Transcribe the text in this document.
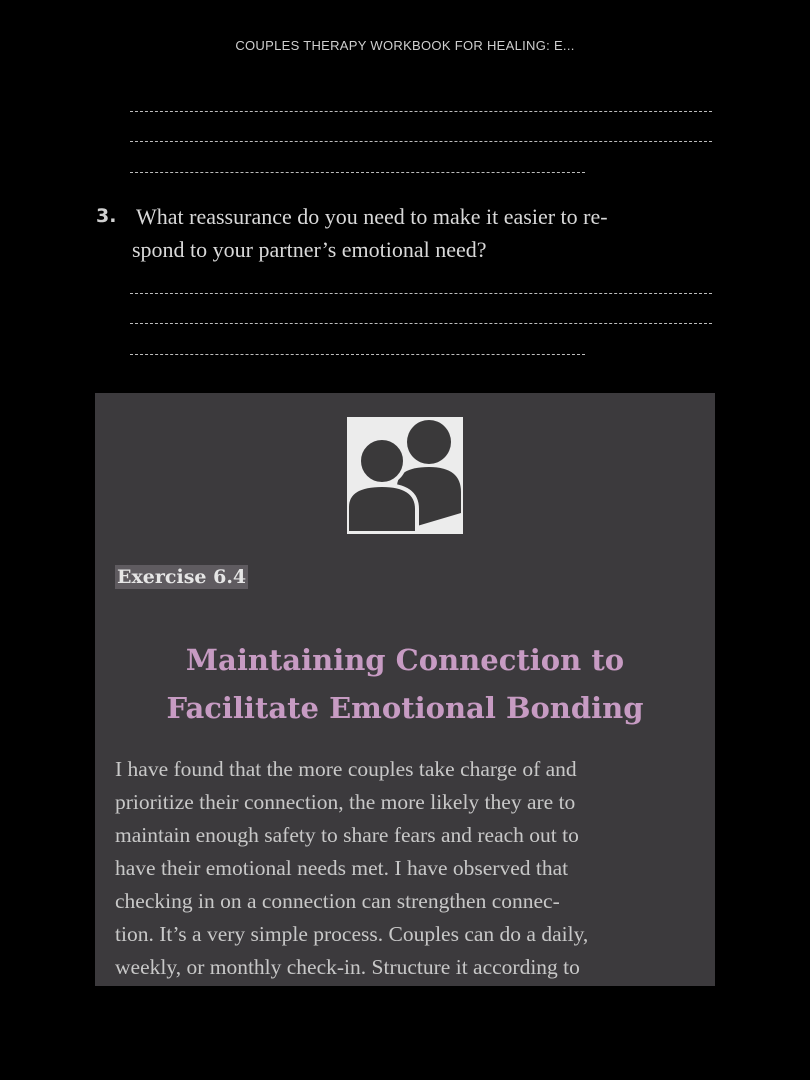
COUPLES THERAPY WORKBOOK FOR HEALING: E...
3. What reassurance do you need to make it easier to re-
spond to your partner’s emotional need?
Exercise 6.4
Maintaining Connection to
Facilitate Emotional Bonding
I have found that the more couples take charge of and
prioritize their connection, the more likely they are to
maintain enough safety to share fears and reach out to
have their emotional needs met. I have observed that
checking in on a connection can strengthen connec-
tion. It’s a very simple process. Couples can do a daily,
weekly, or monthly check-in. Structure it according to
